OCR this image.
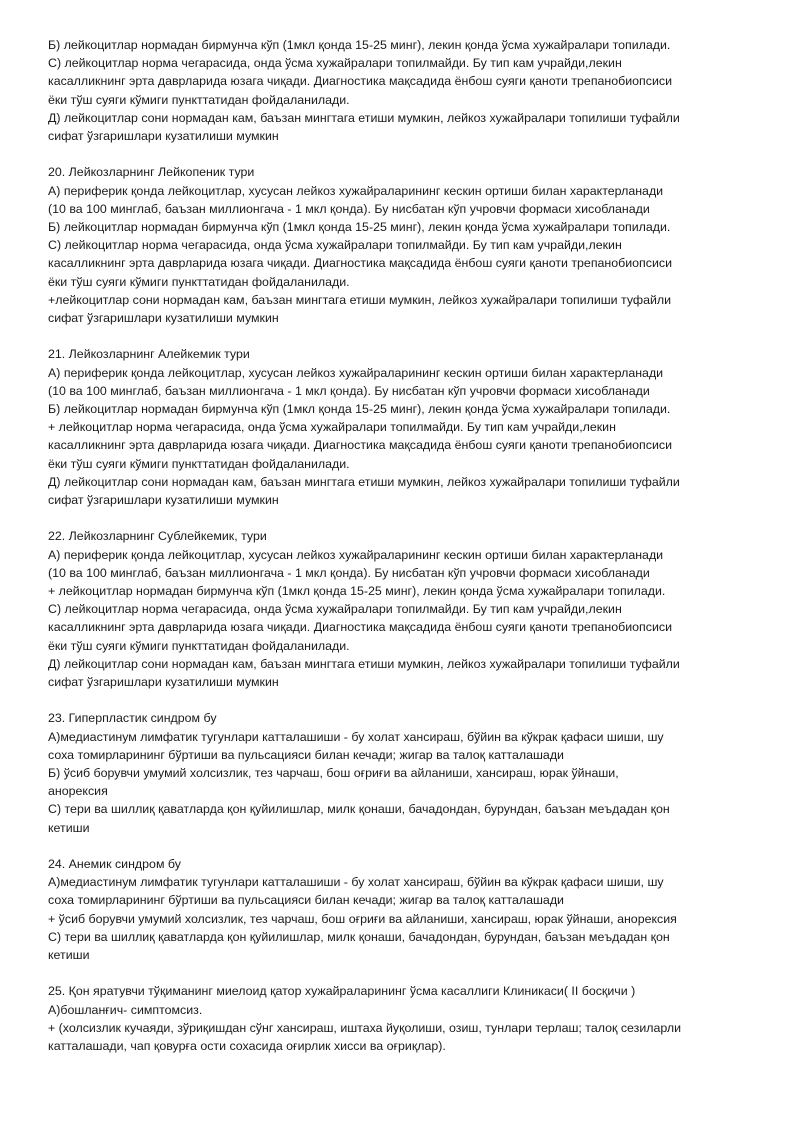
Б) лейкоцитлар нормадан бирмунча кўп (1мкл қонда 15-25 минг), лекин қонда ўсма хужайралари топилади.

С) лейкоцитлар норма чегарасида, онда ўсма хужайралари топилмайди. Бу тип кам учрайди,лекин

касалликнинг эрта даврларида юзага чиқади. Диагностика мақсадида ёнбош суяги қаноти трепанобиопсиси

ёки тўш суяги кўмиги пункттатидан фойдаланилади.

Д) лейкоцитлар сони нормадан кам, баъзан мингтага етиши мумкин, лейкоз хужайралари топилиши туфайли

сифат ўзгаришлари кузатилиши мумкин

20. Лейкозларнинг Лейкопеник тури

А) периферик қонда лейкоцитлар, хусусан лейкоз хужайраларининг кескин ортиши билан характерланади

(10 ва 100 минглаб, баъзан миллионгача - 1 мкл қонда). Бу нисбатан кўп учровчи формаси хисобланади

Б) лейкоцитлар нормадан бирмунча кўп (1мкл қонда 15-25 минг), лекин қонда ўсма хужайралари топилади.

С) лейкоцитлар норма чегарасида, онда ўсма хужайралари топилмайди. Бу тип кам учрайди,лекин

касалликнинг эрта даврларида юзага чиқади. Диагностика мақсадида ёнбош суяги қаноти трепанобиопсиси

ёки тўш суяги кўмиги пункттатидан фойдаланилади.

+лейкоцитлар сони нормадан кам, баъзан мингтага етиши мумкин, лейкоз хужайралари топилиши туфайли

сифат ўзгаришлари кузатилиши мумкин

21. Лейкозларнинг Алейкемик тури

А) периферик қонда лейкоцитлар, хусусан лейкоз хужайраларининг кескин ортиши билан характерланади

(10 ва 100 минглаб, баъзан миллионгача - 1 мкл қонда). Бу нисбатан кўп учровчи формаси хисобланади

Б) лейкоцитлар нормадан бирмунча кўп (1мкл қонда 15-25 минг), лекин қонда ўсма хужайралари топилади.

+ лейкоцитлар норма чегарасида, онда ўсма хужайралари топилмайди. Бу тип кам учрайди,лекин

касалликнинг эрта даврларида юзага чиқади. Диагностика мақсадида ёнбош суяги қаноти трепанобиопсиси

ёки тўш суяги кўмиги пункттатидан фойдаланилади.

Д) лейкоцитлар сони нормадан кам, баъзан мингтага етиши мумкин, лейкоз хужайралари топилиши туфайли

сифат ўзгаришлари кузатилиши мумкин

22. Лейкозларнинг Сублейкемик, тури

А) периферик қонда лейкоцитлар, хусусан лейкоз хужайраларининг кескин ортиши билан характерланади

(10 ва 100 минглаб, баъзан миллионгача - 1 мкл қонда). Бу нисбатан кўп учровчи формаси хисобланади

+ лейкоцитлар нормадан бирмунча кўп (1мкл қонда 15-25 минг), лекин қонда ўсма хужайралари топилади.

С) лейкоцитлар норма чегарасида, онда ўсма хужайралари топилмайди. Бу тип кам учрайди,лекин

касалликнинг эрта даврларида юзага чиқади. Диагностика мақсадида ёнбош суяги қаноти трепанобиопсиси

ёки тўш суяги кўмиги пункттатидан фойдаланилади.

Д) лейкоцитлар сони нормадан кам, баъзан мингтага етиши мумкин, лейкоз хужайралари топилиши туфайли

сифат ўзгаришлари кузатилиши мумкин

23. Гиперпластик синдром бу

А)медиастинум лимфатик тугунлари катталашиши - бу холат хансираш, бўйин ва кўкрак қафаси шиши, шу

соха томирларининг бўртиши ва пульсацияси билан кечади; жигар ва талоқ катталашади

Б) ўсиб борувчи умумий холсизлик, тез чарчаш, бош оғриғи ва айланиши, хансираш, юрак ўйнаши,

анорексия

С) тери ва шиллиқ қаватларда қон қуйилишлар, милк қонаши, бачадондан, бурундан, баъзан меъдадан қон

кетиши

24. Анемик синдром бу

А)медиастинум лимфатик тугунлари катталашиши - бу холат хансираш, бўйин ва кўкрак қафаси шиши, шу

соха томирларининг бўртиши ва пульсацияси билан кечади; жигар ва талоқ катталашади

+ ўсиб борувчи умумий холсизлик, тез чарчаш, бош оғриғи ва айланиши, хансираш, юрак ўйнаши, анорексия

С) тери ва шиллиқ қаватларда қон қуйилишлар, милк қонаши, бачадондан, бурундан, баъзан меъдадан қон

кетиши

25. Қон яратувчи тўқиманинг миелоид қатор хужайраларининг ўсма касаллиги Клиникаси( II босқичи )

А)бошланғич- симптомсиз.

+ (холсизлик кучаяди, зўриқишдан сўнг хансираш, иштаха йуқолиши, озиш, тунлари терлаш; талоқ сезиларли

катталашади, чап қовурға ости сохасида оғирлик хисси ва оғриқлар).
